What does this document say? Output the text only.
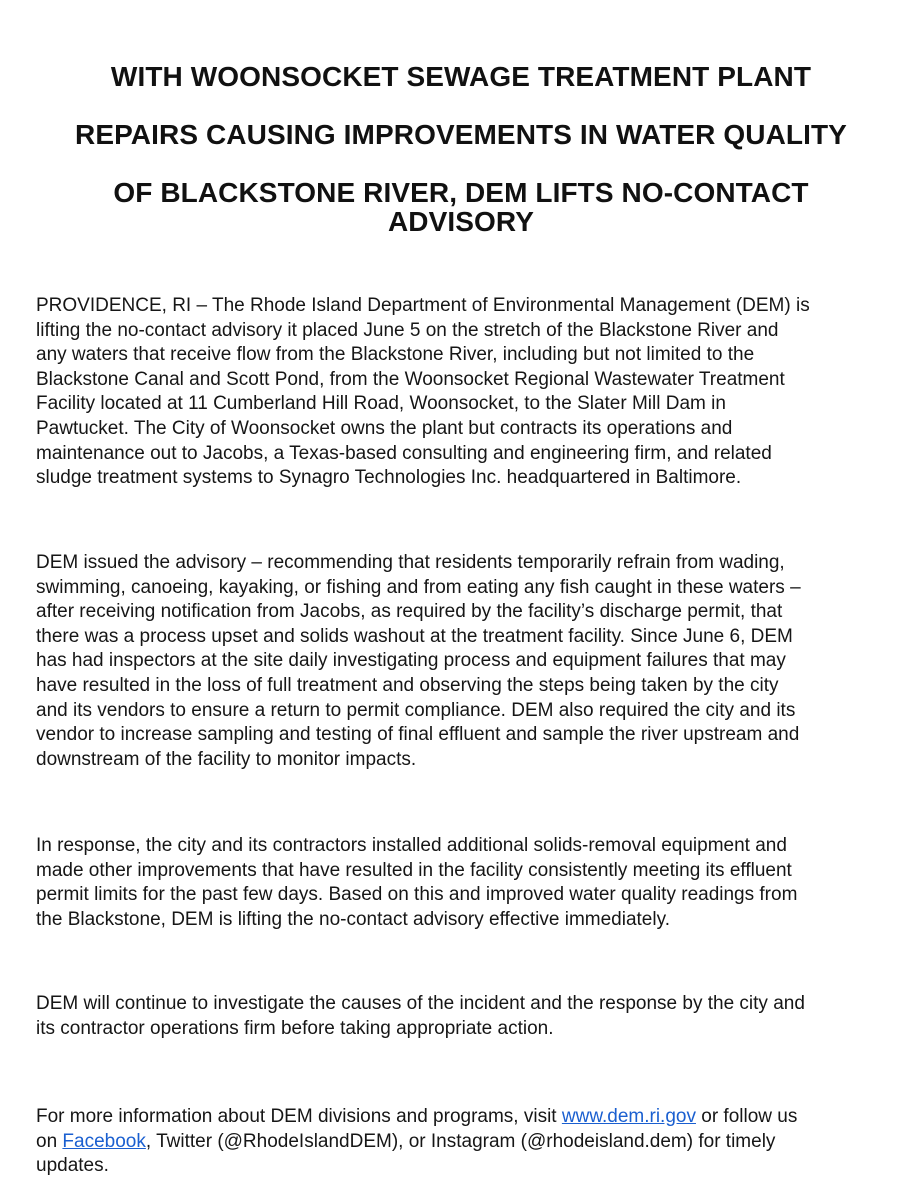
WITH WOONSOCKET SEWAGE TREATMENT PLANT
REPAIRS CAUSING IMPROVEMENTS IN WATER QUALITY
OF BLACKSTONE RIVER, DEM LIFTS NO-CONTACT
ADVISORY

PROVIDENCE, RI – The Rhode Island Department of Environmental Management (DEM) is
lifting the no-contact advisory it placed June 5 on the stretch of the Blackstone River and
any waters that receive flow from the Blackstone River, including but not limited to the
Blackstone Canal and Scott Pond, from the Woonsocket Regional Wastewater Treatment
Facility located at 11 Cumberland Hill Road, Woonsocket, to the Slater Mill Dam in
Pawtucket. The City of Woonsocket owns the plant but contracts its operations and
maintenance out to Jacobs, a Texas-based consulting and engineering firm, and related
sludge treatment systems to Synagro Technologies Inc. headquartered in Baltimore.

DEM issued the advisory – recommending that residents temporarily refrain from wading,
swimming, canoeing, kayaking, or fishing and from eating any fish caught in these waters –
after receiving notification from Jacobs, as required by the facility’s discharge permit, that
there was a process upset and solids washout at the treatment facility. Since June 6, DEM
has had inspectors at the site daily investigating process and equipment failures that may
have resulted in the loss of full treatment and observing the steps being taken by the city
and its vendors to ensure a return to permit compliance. DEM also required the city and its
vendor to increase sampling and testing of final effluent and sample the river upstream and
downstream of the facility to monitor impacts.

In response, the city and its contractors installed additional solids-removal equipment and
made other improvements that have resulted in the facility consistently meeting its effluent
permit limits for the past few days. Based on this and improved water quality readings from
the Blackstone, DEM is lifting the no-contact advisory effective immediately.

DEM will continue to investigate the causes of the incident and the response by the city and
its contractor operations firm before taking appropriate action.

For more information about DEM divisions and programs, visit www.dem.ri.gov or follow us
on Facebook, Twitter (@RhodeIslandDEM), or Instagram (@rhodeisland.dem) for timely
updates.
